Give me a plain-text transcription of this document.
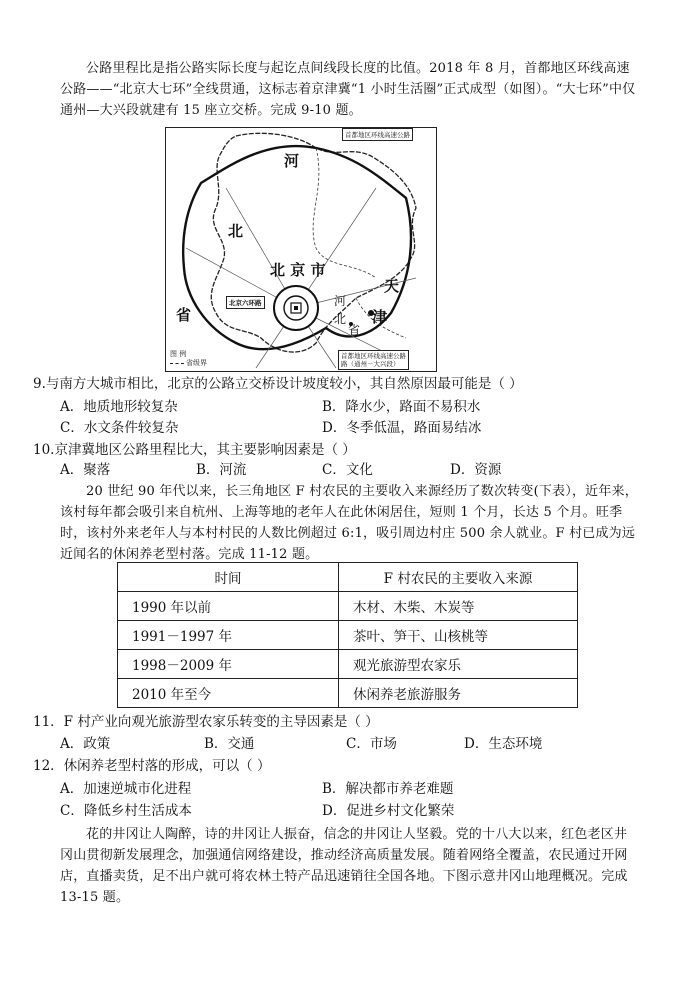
公路里程比是指公路实际长度与起讫点间线段长度的比值。2018 年 8 月，首都地区环线高速公路——“北京大七环”全线贯通，这标志着京津冀“1 小时生活圈”正式成型（如图）。“大七环”中仅通州—大兴段就建有 15 座立交桥。完成 9-10 题。

河
北
省
北 京 市
天
津
河
北
省
首都地区环线高速公路
北京六环路
首都地区环线高速公路
路（通州－大兴段）
图 例
省级界

9.与南方大城市相比，北京的公路立交桥设计坡度较小，其自然原因最可能是（ ）

A．地质地形较复杂	B．降水少，路面不易积水
C．水文条件较复杂	D．冬季低温，路面易结冰

10.京津冀地区公路里程比大，其主要影响因素是（ ）

A．聚落	B．河流	C．文化	D．资源

20 世纪 90 年代以来，长三角地区 F 村农民的主要收入来源经历了数次转变(下表），近年来，该村每年都会吸引来自杭州、上海等地的老年人在此休闲居住，短则 1 个月，长达 5 个月。旺季时，该村外来老年人与本村村民的人数比例超过 6:1，吸引周边村庄 500 余人就业。F 村已成为远近闻名的休闲养老型村落。完成 11-12 题。

时间	F 村农民的主要收入来源
1990 年以前	木材、木柴、木炭等
1991－1997 年	茶叶、笋干、山核桃等
1998－2009 年	观光旅游型农家乐
2010 年至今	休闲养老旅游服务

11．F 村产业向观光旅游型农家乐转变的主导因素是（ ）

A．政策	B．交通	C．市场	D．生态环境

12．休闲养老型村落的形成，可以（ ）

A．加速逆城市化进程	B．解决都市养老难题
C．降低乡村生活成本	D．促进乡村文化繁荣

花的井冈让人陶醉，诗的井冈让人振奋，信念的井冈让人坚毅。党的十八大以来，红色老区井冈山贯彻新发展理念，加强通信网络建设，推动经济高质量发展。随着网络全覆盖，农民通过开网店，直播卖货，足不出户就可将农林土特产品迅速销往全国各地。下图示意井冈山地理概况。完成 13-15 题。
